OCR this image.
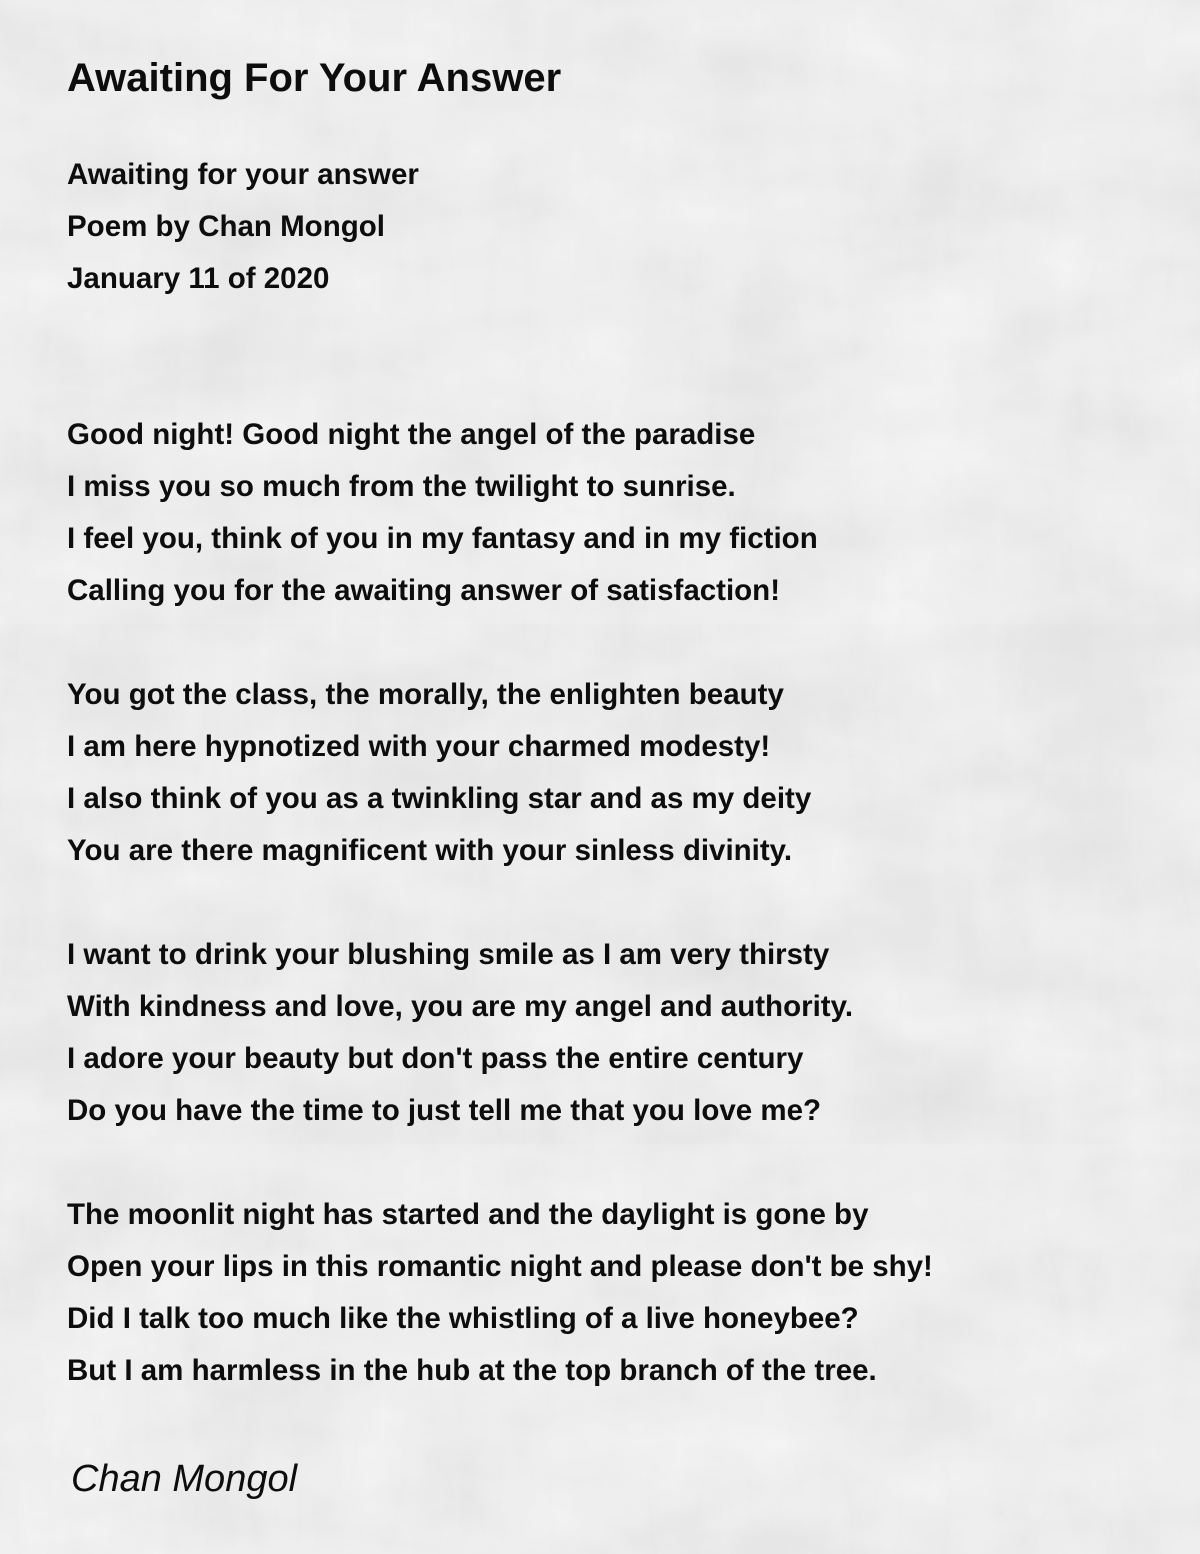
Awaiting For Your Answer

Awaiting for your answer

Poem by Chan Mongol

January 11 of 2020

Good night! Good night the angel of the paradise

I miss you so much from the twilight to sunrise.

I feel you, think of you in my fantasy and in my fiction

Calling you for the awaiting answer of satisfaction!

You got the class, the morally, the enlighten beauty

I am here hypnotized with your charmed modesty!

I also think of you as a twinkling star and as my deity

You are there magnificent with your sinless divinity.

I want to drink your blushing smile as I am very thirsty

With kindness and love, you are my angel and authority.

I adore your beauty but don't pass the entire century

Do you have the time to just tell me that you love me?

The moonlit night has started and the daylight is gone by

Open your lips in this romantic night and please don't be shy!

Did I talk too much like the whistling of a live honeybee?

But I am harmless in the hub at the top branch of the tree.

Chan Mongol
